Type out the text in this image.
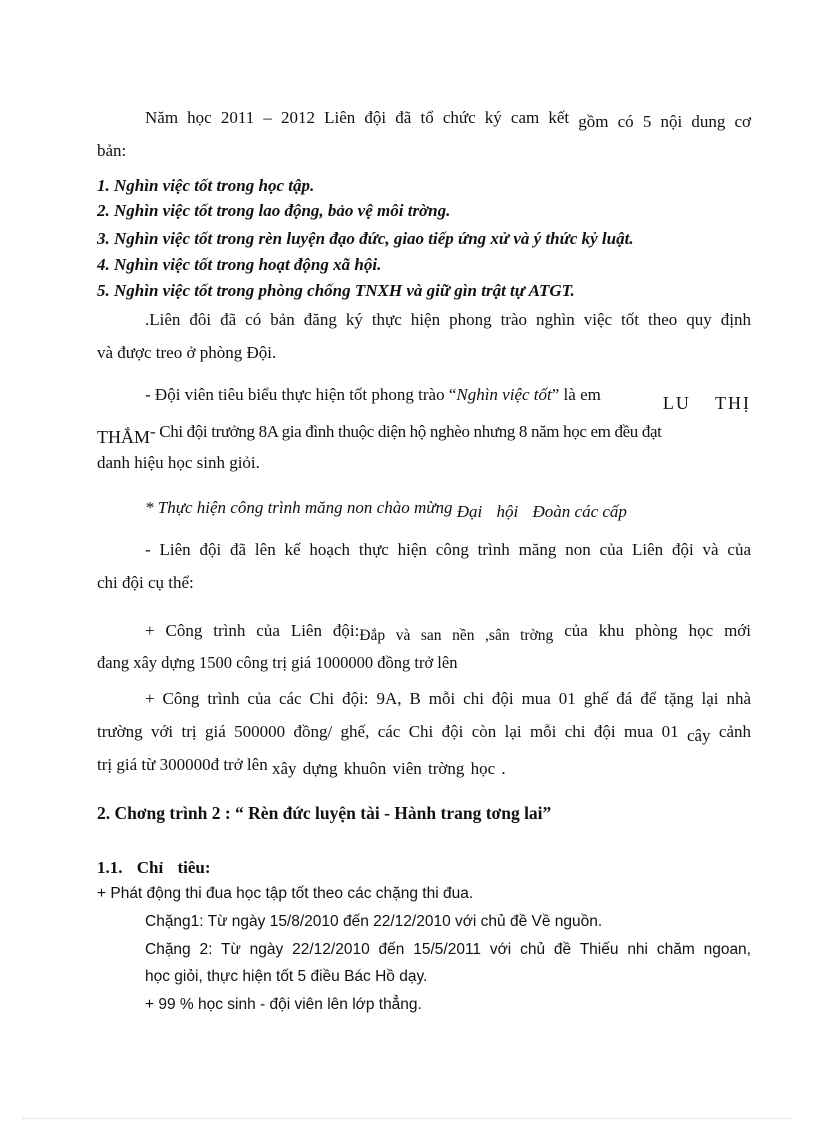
Năm học 2011 – 2012 Liên đội đã tổ chức ký cam kết gồm có 5 nội dung cơ
bản:
1. Nghìn việc tốt trong học tập.
2. Nghìn việc tốt trong lao động, bảo vệ môi trờng.
3. Nghìn việc tốt trong rèn luyện đạo đức, giao tiếp ứng xử và ý thức kỷ luật.
4. Nghìn việc tốt trong hoạt động xã hội.
5. Nghìn việc tốt trong phòng chống TNXH và giữ gìn trật tự ATGT.
.Liên đôi đã có bản đăng ký thực hiện phong trào nghìn việc tốt theo quy định
và được treo ở phòng Đội.
- Đội viên tiêu biểu thực hiện tốt phong trào “Nghìn việc tốt” là em	LU THỊ
THẮM- Chi đội trưởng 8A gia đình thuộc diện hộ nghèo nhưng 8 năm học em đều đạt
danh hiệu học sinh giỏi.
* Thực hiện công trình măng non chào mừng Đại hội Đoàn các cấp
- Liên đội đã lên kế hoạch thực hiện công trình măng non của Liên đội và của
chi đội cụ thể:
+ Công trình của Liên đội:Đắp và san nền ,sân trờng của khu phòng học mới
đang xây dựng 1500 công trị giá 1000000 đồng trở lên
+ Công trình của các Chi đội: 9A, B mỗi chi đội mua 01 ghế đá để tặng lại nhà
trường với trị giá 500000 đồng/ ghế, các Chi đội còn lại mỗi chi đội mua 01 cây cảnh
trị giá từ 300000đ trở lên xây dựng khuôn viên trờng học .
2. Chơng trình 2 : “ Rèn đức luyện tài - Hành trang tơng lai”
1.1. Chỉ tiêu:
+ Phát động thi đua học tập tốt theo các chặng thi đua.
Chặng1: Từ ngày 15/8/2010 đến 22/12/2010 với chủ đề Về nguồn.
Chặng 2: Từ ngày 22/12/2010 đến 15/5/2011 với chủ đề Thiếu nhi chăm ngoan,
học giỏi, thực hiện tốt 5 điều Bác Hồ dạy.
+ 99 % học sinh - đội viên lên lớp thẳng.
